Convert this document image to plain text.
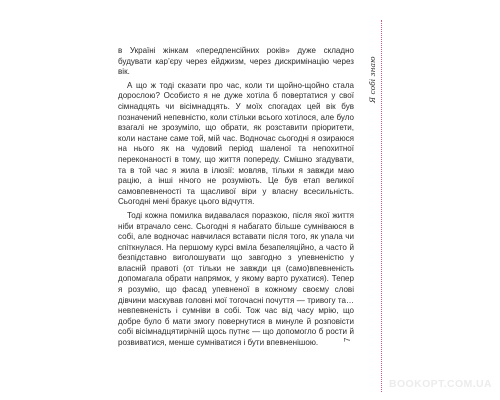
в Україні жінкам «передпенсійних років» дуже складно будувати кар’єру через ейджизм, через дискримінацію через вік.

А що ж тоді сказати про час, коли ти щойно-щойно стала дорослою? Особисто я не дуже хотіла б повертатися у свої сімнадцять чи вісімнадцять. У моїх спогадах цей вік був позначений непевністю, коли стільки всього хотілося, але було взагалі не зрозуміло, що обрати, як розставити пріоритети, коли настане саме той, мій час. Водночас сьогодні я озираюся на нього як на чудовий період шаленої та непохитної переконаності в тому, що життя попереду. Смішно згадувати, та в той час я жила в ілюзії: мовляв, тільки я завжди маю рацію, а інші нічого не розуміють. Це був етап великої самовпевненості та щасливої віри у власну всесильність. Сьогодні мені бракує цього відчуття.

Тоді кожна помилка видавалася поразкою, після якої життя ніби втрачало сенс. Сьогодні я набагато більше сумніваюся в собі, але водночас навчилася вставати після того, як упала чи спіткнулася. На першому курсі вміла безапеляційно, а часто й безпідставно виголошувати що завгодно з упевненістю у власній правоті (от тільки не завжди ця (само)впевненість допомагала обрати напрямок, у якому варто рухатися). Тепер я розумію, що фасад упевненої в кожному своєму слові дівчини маскував головні мої тогочасні почуття — тривогу та… невпевненість і сумніви в собі. Тож час від часу мрію, що добре було б мати змогу повернутися в минуле й розповісти собі вісімнадцятирічній щось путнє — що допомогло б рости й розвиватися, менше сумніватися і бути впевненішою.

Я собі знаю
7
BOOKOPT.COM.UA
